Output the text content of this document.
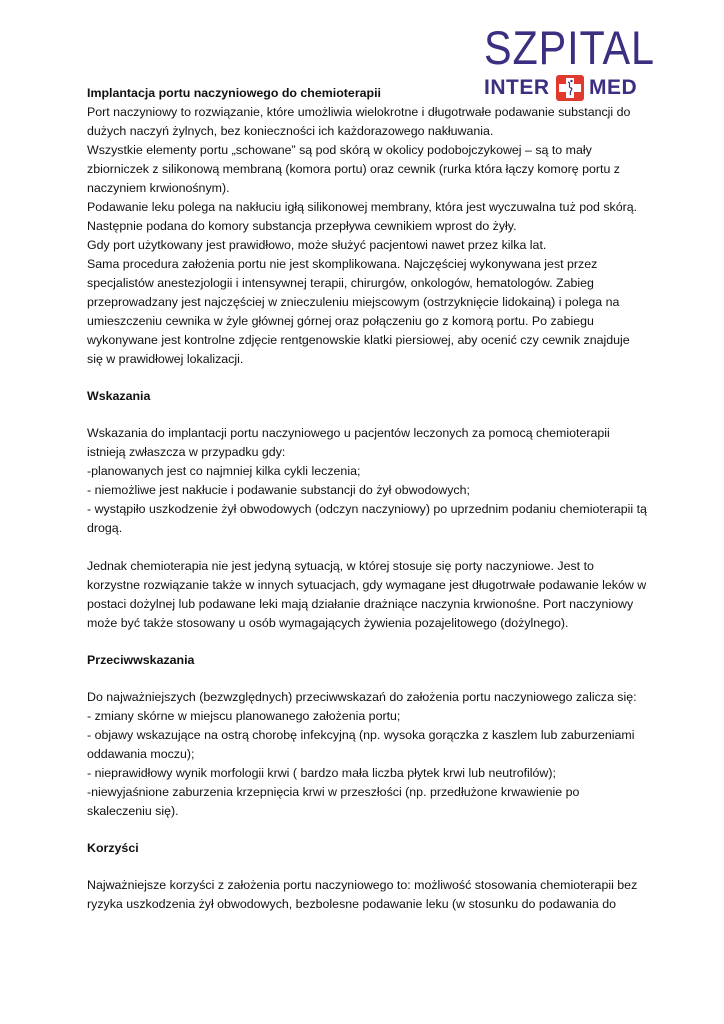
SZPITAL
INTER MED

Implantacja portu naczyniowego do chemioterapii

Port naczyniowy to rozwiązanie, które umożliwia wielokrotne i długotrwałe podawanie substancji do dużych naczyń żylnych, bez konieczności ich każdorazowego nakłuwania.

Wszystkie elementy portu „schowane” są pod skórą w okolicy podobojczykowej – są to mały zbiorniczek z silikonową membraną (komora portu) oraz cewnik (rurka która łączy komorę portu z naczyniem krwionośnym).

Podawanie leku polega na nakłuciu igłą silikonowej membrany, która jest wyczuwalna tuż pod skórą. Następnie podana do komory substancja przepływa cewnikiem wprost do żyły.

Gdy port użytkowany jest prawidłowo, może służyć pacjentowi nawet przez kilka lat.

Sama procedura założenia portu nie jest skomplikowana. Najczęściej wykonywana jest przez specjalistów anestezjologii i intensywnej terapii, chirurgów, onkologów, hematologów. Zabieg przeprowadzany jest najczęściej w znieczuleniu miejscowym (ostrzyknięcie lidokainą) i polega na umieszczeniu cewnika w żyle głównej górnej oraz połączeniu go z komorą portu. Po zabiegu wykonywane jest kontrolne zdjęcie rentgenowskie klatki piersiowej, aby ocenić czy cewnik znajduje się w prawidłowej lokalizacji.

Wskazania

Wskazania do implantacji portu naczyniowego u pacjentów leczonych za pomocą chemioterapii istnieją zwłaszcza w przypadku gdy:

-planowanych jest co najmniej kilka cykli leczenia;

- niemożliwe jest nakłucie i podawanie substancji do żył obwodowych;

- wystąpiło uszkodzenie żył obwodowych (odczyn naczyniowy) po uprzednim podaniu chemioterapii tą drogą.

Jednak chemioterapia nie jest jedyną sytuacją, w której stosuje się porty naczyniowe. Jest to korzystne rozwiązanie także w innych sytuacjach, gdy wymagane jest długotrwałe podawanie leków w postaci dożylnej lub podawane leki mają działanie drażniące naczynia krwionośne. Port naczyniowy może być także stosowany u osób wymagających żywienia pozajelitowego (dożylnego).

Przeciwwskazania

Do najważniejszych (bezwzględnych) przeciwwskazań do założenia portu naczyniowego zalicza się:

- zmiany skórne w miejscu planowanego założenia portu;

- objawy wskazujące na ostrą chorobę infekcyjną (np. wysoka gorączka z kaszlem lub zaburzeniami oddawania moczu);

- nieprawidłowy wynik morfologii krwi ( bardzo mała liczba płytek krwi lub neutrofilów);

-niewyjaśnione zaburzenia krzepnięcia krwi w przeszłości (np. przedłużone krwawienie po skaleczeniu się).

Korzyści

Najważniejsze korzyści z założenia portu naczyniowego to: możliwość stosowania chemioterapii bez ryzyka uszkodzenia żył obwodowych, bezbolesne podawanie leku (w stosunku do podawania do
